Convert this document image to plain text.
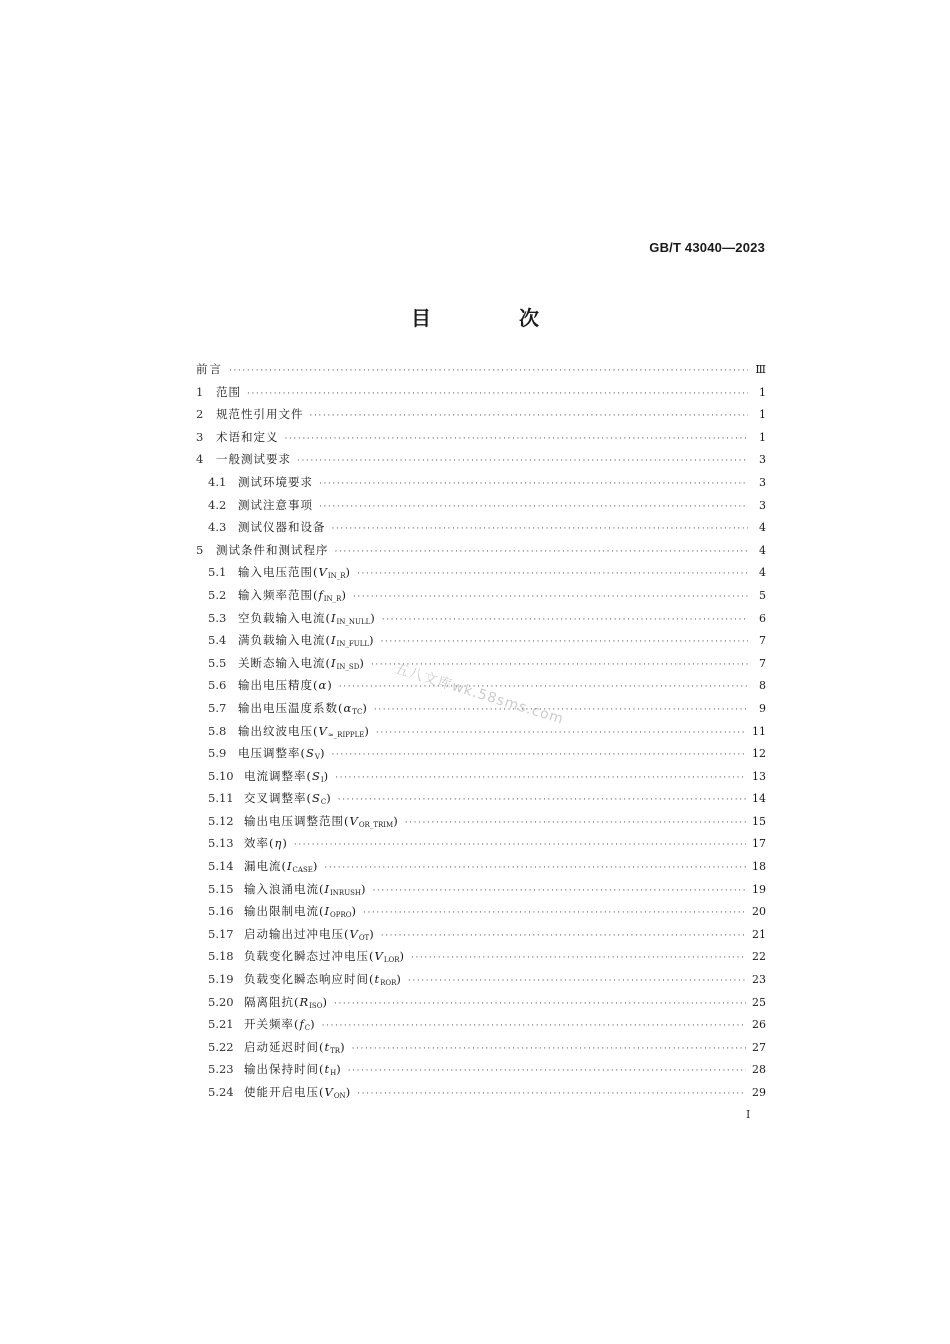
GB/T 43040—2023
目　次
前言 ·····	Ⅲ
1	范围 ·····	1
2	规范性引用文件 ·····	1
3	术语和定义 ·····	1
4	一般测试要求 ·····	3
4.1	测试环境要求 ·····	3
4.2	测试注意事项 ·····	3
4.3	测试仪器和设备 ·····	4
5	测试条件和测试程序 ·····	4
5.1	输入电压范围$(V_{IN\_R})$ ·····	4
5.2	输入频率范围$(f_{IN\_R})$ ·····	5
5.3	空负载输入电流$(I_{IN\_NULL})$ ·····	6
5.4	满负载输入电流$(I_{IN\_FULL})$ ·····	7
5.5	关断态输入电流$(I_{IN\_SD})$ ·····	7
5.6	输出电压精度(α) ·····	8
5.7	输出电压温度系数$(\alpha_{TC})$ ·····	9
5.8	输出纹波电压$(V_{\approx\_RIPPLE})$ ·····	11
5.9	电压调整率$(S_V)$ ·····	12
5.10 电流调整率$(S_I)$ ·····	13
5.11 交叉调整率$(S_C)$ ·····	14
5.12 输出电压调整范围$(V_{OR\_TRIM})$ ·····	15
5.13 效率(η) ·····	17
5.14 漏电流$(I_{CASE})$ ·····	18
5.15 输入浪涌电流$(I_{INRUSH})$ ·····	19
5.16 输出限制电流$(I_{OPRO})$ ·····	20
5.17 启动输出过冲电压$(V_{OT})$ ·····	21
5.18 负载变化瞬态过冲电压$(V_{LOR})$ ·····	22
5.19 负载变化瞬态响应时间$(t_{ROR})$ ·····	23
5.20 隔离阻抗$(R_{ISO})$ ·····	25
5.21 开关频率$(f_C)$ ·····	26
5.22 启动延迟时间$(t_{TR})$ ·····	27
5.23 输出保持时间$(t_H)$ ·····	28
5.24 使能开启电压$(V_{ON})$ ·····	29
五八文库wk.58sms.com
I
